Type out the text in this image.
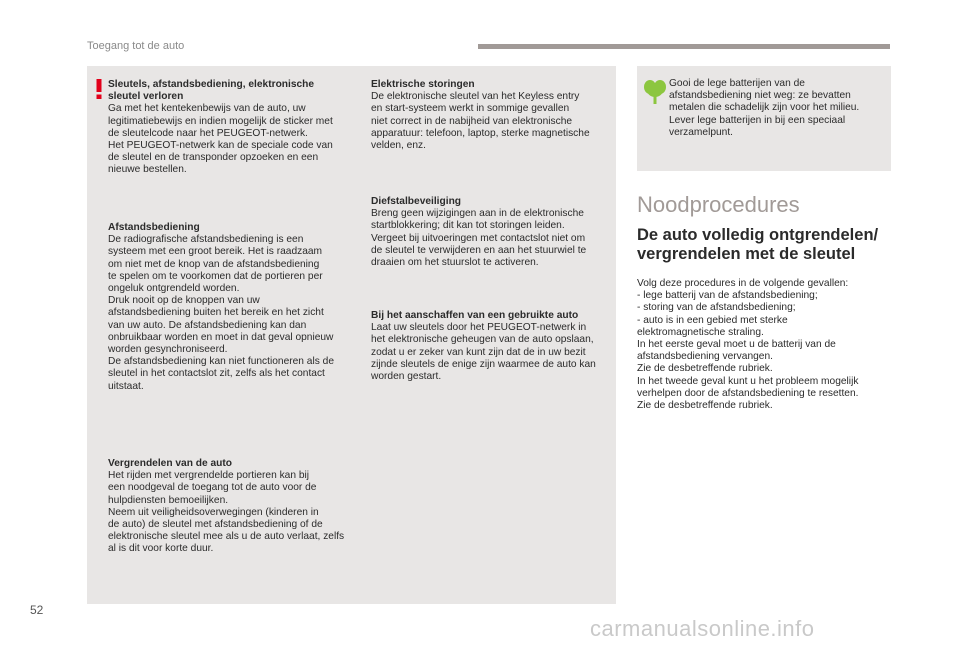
Toegang tot de auto
Sleutels, afstandsbediening, elektronische
sleutel verloren
Ga met het kentekenbewijs van de auto, uw
legitimatiebewijs en indien mogelijk de sticker met
de sleutelcode naar het PEUGEOT-netwerk.
Het PEUGEOT-netwerk kan de speciale code van
de sleutel en de transponder opzoeken en een
nieuwe bestellen.
Afstandsbediening
De radiografische afstandsbediening is een
systeem met een groot bereik. Het is raadzaam
om niet met de knop van de afstandsbediening
te spelen om te voorkomen dat de portieren per
ongeluk ontgrendeld worden.
Druk nooit op de knoppen van uw
afstandsbediening buiten het bereik en het zicht
van uw auto. De afstandsbediening kan dan
onbruikbaar worden en moet in dat geval opnieuw
worden gesynchroniseerd.
De afstandsbediening kan niet functioneren als de
sleutel in het contactslot zit, zelfs als het contact
uitstaat.
Vergrendelen van de auto
Het rijden met vergrendelde portieren kan bij
een noodgeval de toegang tot de auto voor de
hulpdiensten bemoeilijken.
Neem uit veiligheidsoverwegingen (kinderen in
de auto) de sleutel met afstandsbediening of de
elektronische sleutel mee als u de auto verlaat, zelfs
al is dit voor korte duur.
Elektrische storingen
De elektronische sleutel van het Keyless entry
en start-systeem werkt in sommige gevallen
niet correct in de nabijheid van elektronische
apparatuur: telefoon, laptop, sterke magnetische
velden, enz.
Diefstalbeveiliging
Breng geen wijzigingen aan in de elektronische
startblokkering; dit kan tot storingen leiden.
Vergeet bij uitvoeringen met contactslot niet om
de sleutel te verwijderen en aan het stuurwiel te
draaien om het stuurslot te activeren.
Bij het aanschaffen van een gebruikte auto
Laat uw sleutels door het PEUGEOT-netwerk in
het elektronische geheugen van de auto opslaan,
zodat u er zeker van kunt zijn dat de in uw bezit
zijnde sleutels de enige zijn waarmee de auto kan
worden gestart.
Gooi de lege batterijen van de
afstandsbediening niet weg: ze bevatten
metalen die schadelijk zijn voor het milieu.
Lever lege batterijen in bij een speciaal
verzamelpunt.
Noodprocedures
De auto volledig ontgrendelen/
vergrendelen met de sleutel
Volg deze procedures in de volgende gevallen:
- lege batterij van de afstandsbediening;
- storing van de afstandsbediening;
- auto is in een gebied met sterke
elektromagnetische straling.
In het eerste geval moet u de batterij van de
afstandsbediening vervangen.
Zie de desbetreffende rubriek.
In het tweede geval kunt u het probleem mogelijk
verhelpen door de afstandsbediening te resetten.
Zie de desbetreffende rubriek.
52
carmanualsonline.info
